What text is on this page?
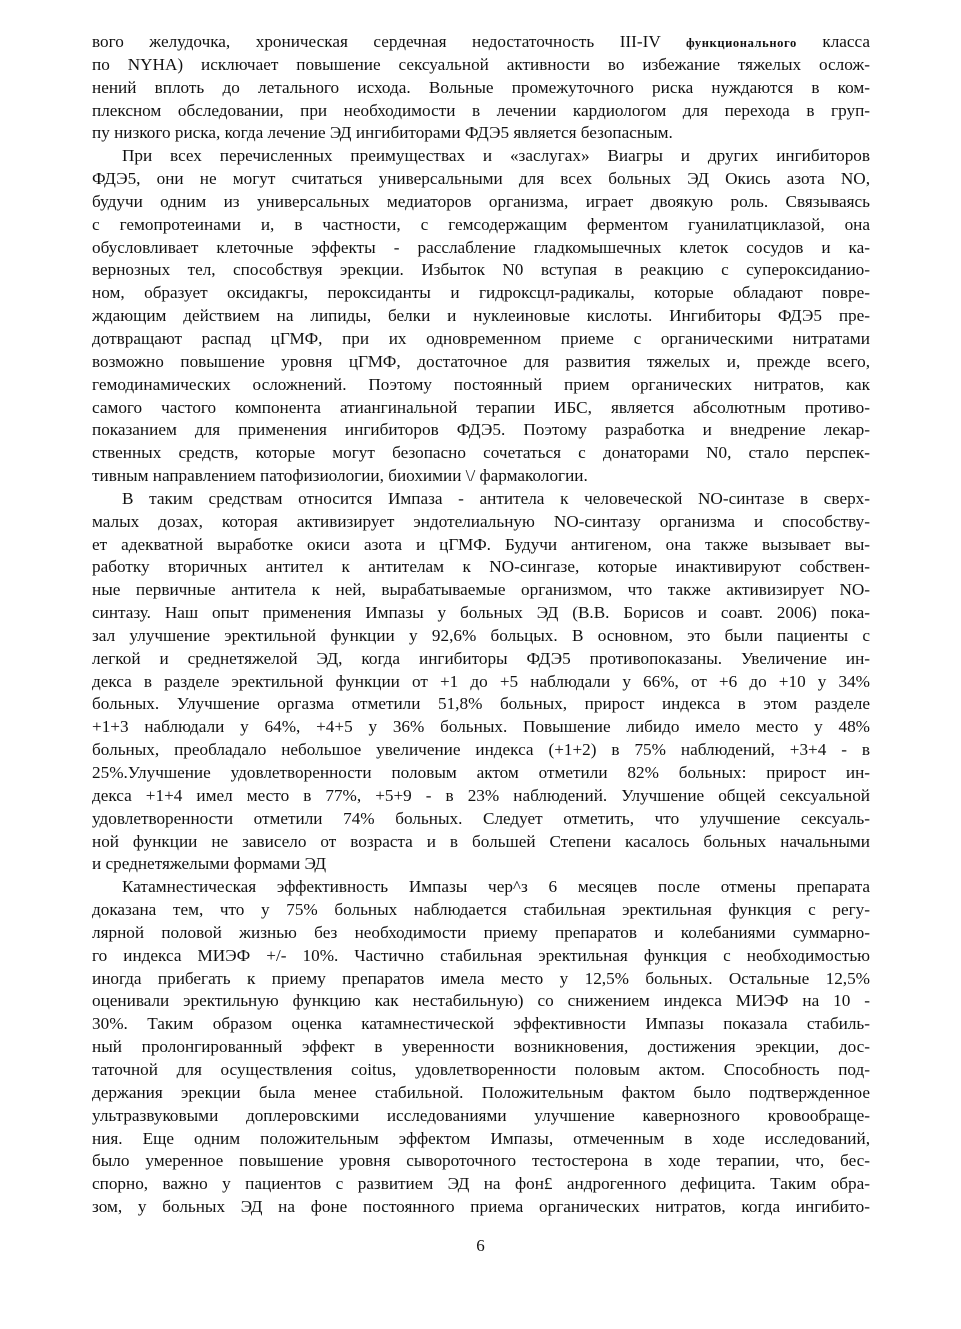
вого желудочка, хроническая сердечная недостаточность III-IV функционального класса
по NYHA) исключает повышение сексуальной активности во избежание тяжелых ослож-
нений вплоть до летального исхода. Вольные промежуточного риска нуждаются в ком-
плексном обследовании, при необходимости в лечении кардиологом для перехода в груп-
пу низкого риска, когда лечение ЭД ингибиторами ФДЭ5 является безопасным.
При всех перечисленных преимуществах и «заслугах» Виагры и других ингибиторов
ФДЭ5, они не могут считаться универсальными для всех больных ЭД Окись азота NO,
будучи одним из универсальных медиаторов организма, играет двоякую роль. Связываясь
с гемопротеинами и, в частности, с гемсодержащим ферментом гуанилатциклазой, она
обусловливает клеточные эффекты - расслабление гладкомышечных клеток сосудов и ка-
вернозных тел, способствуя эрекции. Избыток N0 вступая в реакцию с супероксиданио-
ном, образует оксидакгы, пероксиданты и гидроксцл-радикалы, которые обладают повре-
ждающим действием на липиды, белки и нуклеиновые кислоты. Ингибиторы ФДЭ5 пре-
дотвращают распад цГМФ, при их одновременном приеме с органическими нитратами
возможно повышение уровня цГМФ, достаточное для развития тяжелых и, прежде всего,
гемодинамических осложнений. Поэтому постоянный прием органических нитратов, как
самого частого компонента атиангинальной терапии ИБС, является абсолютным противо-
показанием для применения ингибиторов ФДЭ5. Поэтому разработка и внедрение лекар-
ственных средств, которые могут безопасно сочетаться с донаторами N0, стало перспек-
тивным направлением патофизиологии, биохимии \/ фармакологии.
В таким средствам относится Импаза - антитела к человеческой NO-синтазе в сверх-
малых дозах, которая активизирует эндотелиальную NO-синтазу организма и способству-
ет адекватной выработке окиси азота и цГМФ. Будучи антигеном, она также вызывает вы-
работку вторичных антител к антителам к NO-сингазе, которые инактивируют собствен-
ные первичные антитела к ней, вырабатываемые организмом, что также активизирует NO-
синтазу. Наш опыт применения Импазы у больных ЭД (В.В. Борисов и соавт. 2006) пока-
зал улучшение эректильной функции у 92,6% больцых. В основном, это были пациенты с
легкой и среднетяжелой ЭД, когда ингибиторы ФДЭ5 противопоказаны. Увеличение ин-
декса в разделе эректильной функции от +1 до +5 наблюдали у 66%, от +6 до +10 у 34%
больных. Улучшение оргазма отметили 51,8% больных, прирост индекса в этом разделе
+1+3 наблюдали у 64%, +4+5 у 36% больных. Повышение либидо имело место у 48%
больных, преобладало небольшое увеличение индекса (+1+2) в 75% наблюдений, +3+4 - в
25%.Улучшение удовлетворенности половым актом отметили 82% больных: прирост ин-
декса +1+4 имел место в 77%, +5+9 - в 23% наблюдений. Улучшение общей сексуальной
удовлетворенности отметили 74% больных. Следует отметить, что улучшение сексуаль-
ной функции не зависело от возраста и в большей Степени касалось больных начальными
и среднетяжелыми формами ЭД
Катамнестическая эффективность Импазы чер^з 6 месяцев после отмены препарата
доказана тем, что у 75% больных наблюдается стабильная эректильная функция с регу-
лярной половой жизнью без необходимости приему препаратов и колебаниями суммарно-
го индекса МИЭФ +/- 10%. Частично стабильная эректильная функция с необходимостью
иногда прибегать к приему препаратов имела место у 12,5% больных. Остальные 12,5%
оценивали эректильную функцию как нестабильную) со снижением индекса МИЭФ на 10 -
30%. Таким образом оценка катамнестической эффективности Импазы показала стабиль-
ный пролонгированный эффект в уверенности возникновения, достижения эрекции, дос-
таточной для осуществления coitus, удовлетворенности половым актом. Способность под-
держания эрекции была менее стабильной. Положительным фактом было подтвержденное
ультразвуковыми доплеровскими исследованиями улучшение кавернозного кровообраще-
ния. Еще одним положительным эффектом Импазы, отмеченным в ходе исследований,
было умеренное повышение уровня сывороточного тестостерона в ходе терапии, что, бес-
спорно, важно у пациентов с развитием ЭД на фон£ андрогенного дефицита. Таким обра-
зом, у больных ЭД на фоне постоянного приема органических нитратов, когда ингибито-
6
